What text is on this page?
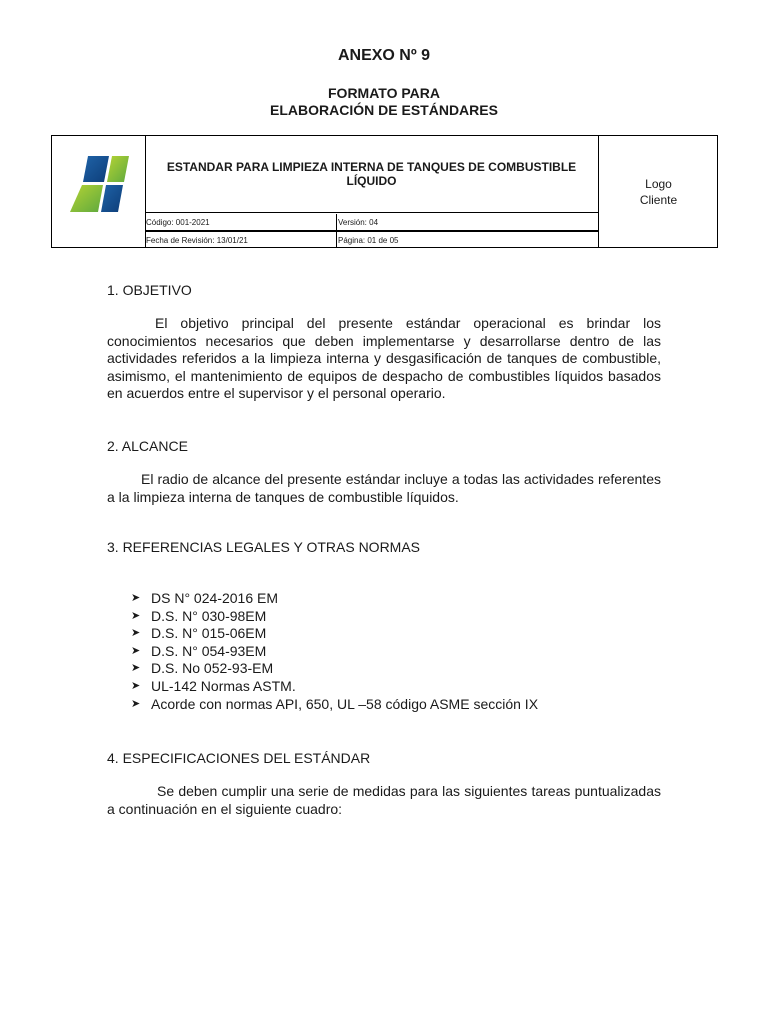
ANEXO Nº 9
FORMATO PARA
ELABORACIÓN DE ESTÁNDARES
ESTANDAR PARA LIMPIEZA INTERNA DE TANQUES DE COMBUSTIBLE LÍQUIDO
Código: 001-2021	Versión: 04
Fecha de Revisión: 13/01/21	Página: 01 de 05
Logo
Cliente
1. OBJETIVO

El objetivo principal del presente estándar operacional es brindar los conocimientos necesarios que deben implementarse y desarrollarse dentro de las actividades referidos a la limpieza interna y desgasificación de tanques de combustible, asimismo, el mantenimiento de equipos de despacho de combustibles líquidos basados en acuerdos entre el supervisor y el personal operario.

2. ALCANCE

El radio de alcance del presente estándar incluye a todas las actividades referentes a la limpieza interna de tanques de combustible líquidos.

3. REFERENCIAS LEGALES Y OTRAS NORMAS
➤ DS N° 024-2016 EM
➤ D.S. N° 030-98EM
➤ D.S. N° 015-06EM
➤ D.S. N° 054-93EM
➤ D.S. No 052-93-EM
➤ UL-142 Normas ASTM.
➤ Acorde con normas API, 650, UL –58 código ASME sección IX
4. ESPECIFICACIONES DEL ESTÁNDAR

Se deben cumplir una serie de medidas para las siguientes tareas puntualizadas a continuación en el siguiente cuadro:
